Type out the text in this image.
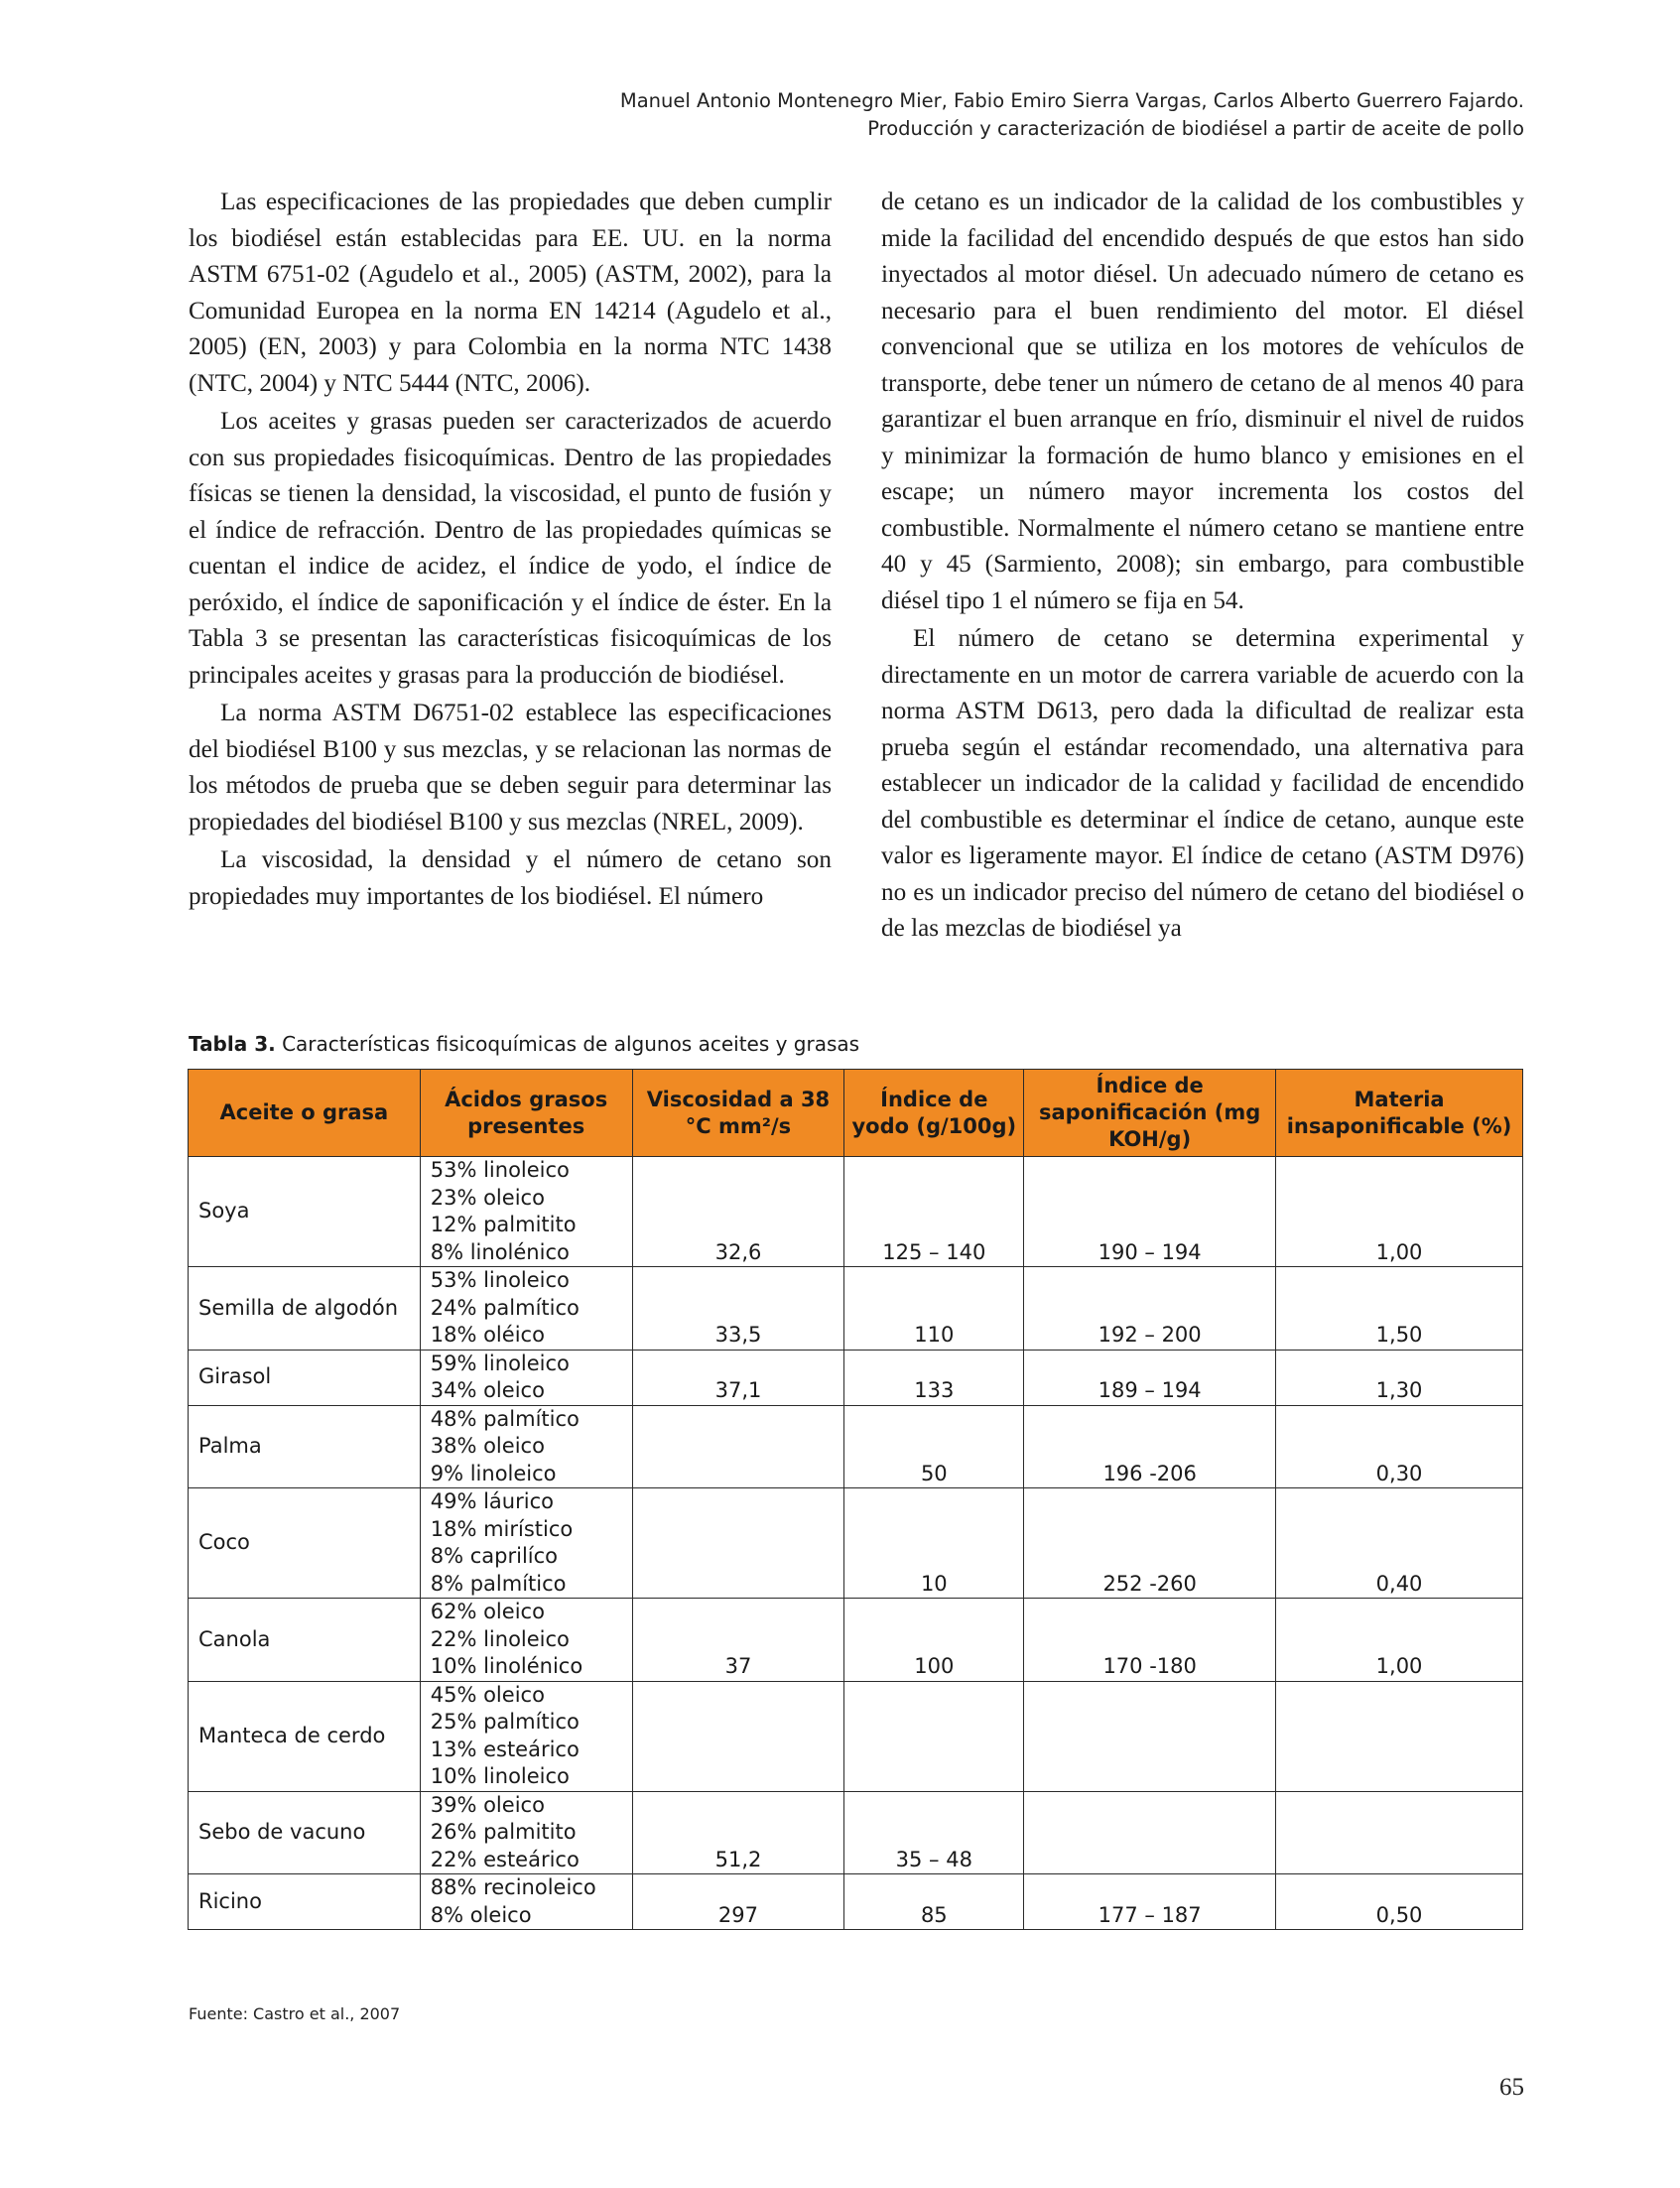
Manuel Antonio Montenegro Mier, Fabio Emiro Sierra Vargas, Carlos Alberto Guerrero Fajardo.
Producción y caracterización de biodiésel a partir de aceite de pollo

Las especificaciones de las propiedades que deben cumplir los biodiésel están establecidas para EE. UU. en la norma ASTM 6751-02 (Agudelo et al., 2005) (ASTM, 2002), para la Comunidad Europea en la norma EN 14214 (Agudelo et al., 2005) (EN, 2003) y para Colombia en la norma NTC 1438 (NTC, 2004) y NTC 5444 (NTC, 2006).

Los aceites y grasas pueden ser caracterizados de acuerdo con sus propiedades fisicoquímicas. Dentro de las propiedades físicas se tienen la densidad, la viscosidad, el punto de fusión y el índice de refracción. Dentro de las propiedades químicas se cuentan el indice de acidez, el índice de yodo, el índice de peróxido, el índice de saponificación y el índice de éster. En la Tabla 3 se presentan las características fisicoquímicas de los principales aceites y grasas para la producción de biodiésel.

La norma ASTM D6751-02 establece las especificaciones del biodiésel B100 y sus mezclas, y se relacionan las normas de los métodos de prueba que se deben seguir para determinar las propiedades del biodiésel B100 y sus mezclas (NREL, 2009).

La viscosidad, la densidad y el número de cetano son propiedades muy importantes de los biodiésel. El número

de cetano es un indicador de la calidad de los combustibles y mide la facilidad del encendido después de que estos han sido inyectados al motor diésel. Un adecuado número de cetano es necesario para el buen rendimiento del motor. El diésel convencional que se utiliza en los motores de vehículos de transporte, debe tener un número de cetano de al menos 40 para garantizar el buen arranque en frío, disminuir el nivel de ruidos y minimizar la formación de humo blanco y emisiones en el escape; un número mayor incrementa los costos del combustible. Normalmente el número cetano se mantiene entre 40 y 45 (Sarmiento, 2008); sin embargo, para combustible diésel tipo 1 el número se fija en 54.

El número de cetano se determina experimental y directamente en un motor de carrera variable de acuerdo con la norma ASTM D613, pero dada la dificultad de realizar esta prueba según el estándar recomendado, una alternativa para establecer un indicador de la calidad y facilidad de encendido del combustible es determinar el índice de cetano, aunque este valor es ligeramente mayor. El índice de cetano (ASTM D976) no es un indicador preciso del número de cetano del biodiésel o de las mezclas de biodiésel ya

Tabla 3. Características fisicoquímicas de algunos aceites y grasas
Aceite o grasa	Ácidos grasos presentes	Viscosidad a 38 °C mm²/s	Índice de yodo (g/100g)	Índice de saponificación (mg KOH/g)	Materia insaponificable (%)
Soya	53% linoleico
23% oleico
12% palmitito
8% linolénico	32,6	125 – 140	190 – 194	1,00
Semilla de algodón	53% linoleico
24% palmítico
18% oléico	33,5	110	192 – 200	1,50
Girasol	59% linoleico
34% oleico	37,1	133	189 – 194	1,30
Palma	48% palmítico
38% oleico
9% linoleico		50	196 -206	0,30
Coco	49% láurico
18% mirístico
8% caprilíco
8% palmítico		10	252 -260	0,40
Canola	62% oleico
22% linoleico
10% linolénico	37	100	170 -180	1,00
Manteca de cerdo	45% oleico
25% palmítico
13% esteárico
10% linoleico				

Sebo de vacuno	39% oleico
26% palmitito
22% esteárico	51,2	35 – 48		
Ricino	88% recinoleico
8% oleico	297	85	177 – 187	0,50
Fuente: Castro et al., 2007
65
